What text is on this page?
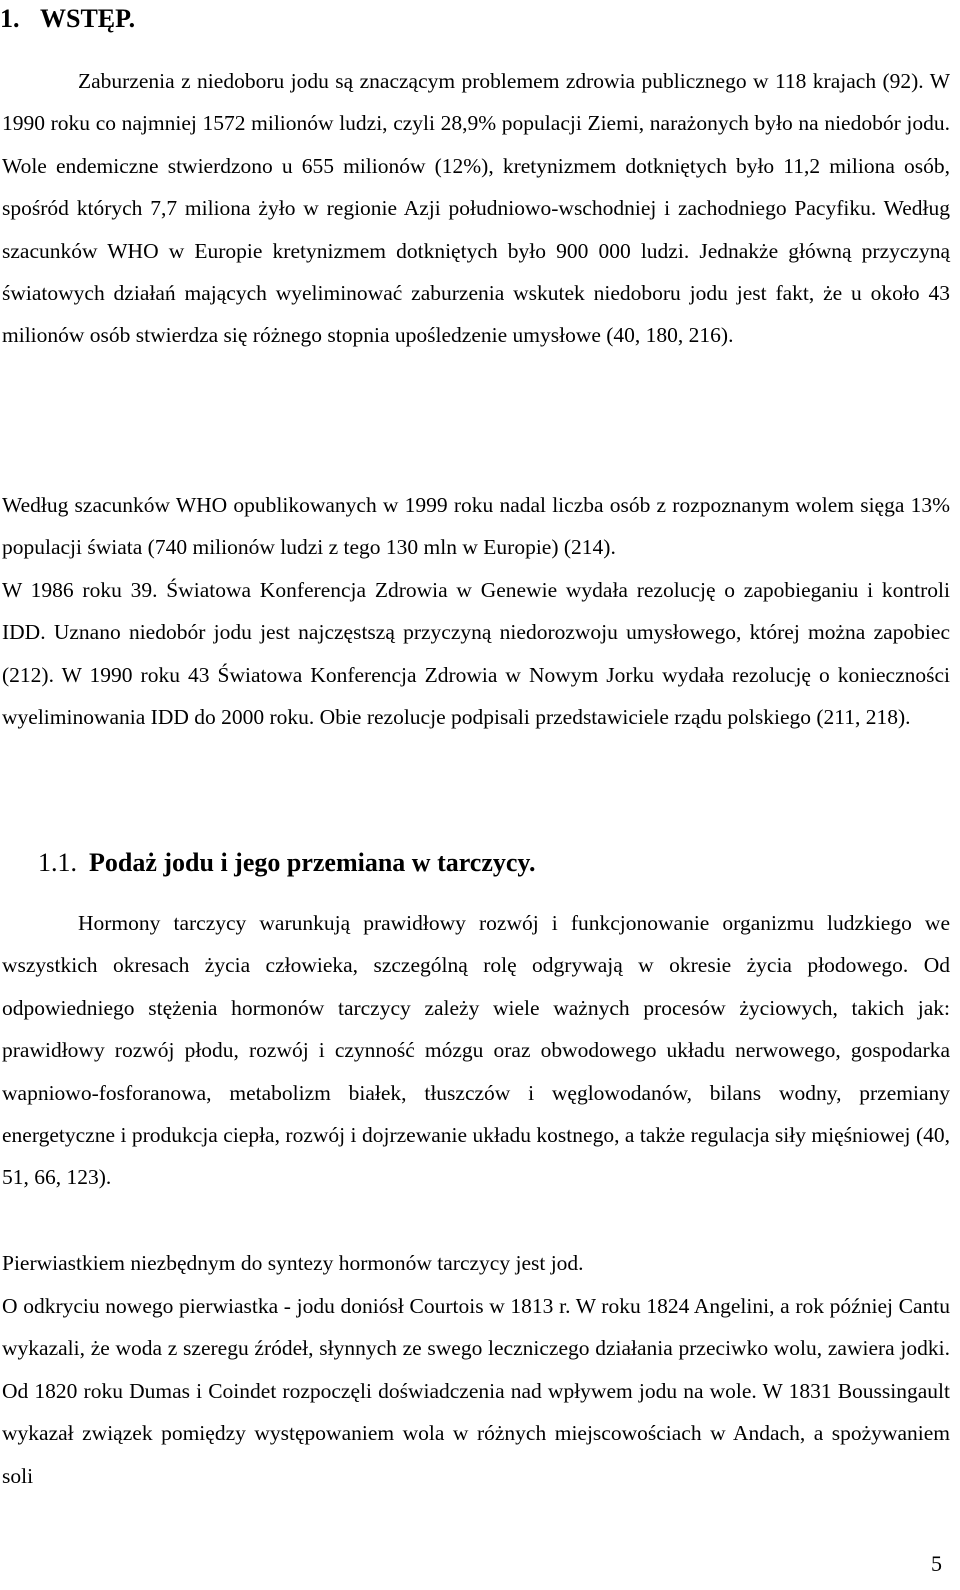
1. WSTĘP.

Zaburzenia z niedoboru jodu są znaczącym problemem zdrowia publicznego w 118 krajach (92). W 1990 roku co najmniej 1572 milionów ludzi, czyli 28,9% populacji Ziemi, narażonych było na niedobór jodu. Wole endemiczne stwierdzono u 655 milionów (12%), kretynizmem dotkniętych było 11,2 miliona osób, spośród których 7,7 miliona żyło w regionie Azji południowo-wschodniej i zachodniego Pacyfiku. Według szacunków WHO w Europie kretynizmem dotkniętych było 900 000 ludzi. Jednakże główną przyczyną światowych działań mających wyeliminować zaburzenia wskutek niedoboru jodu jest fakt, że u około 43 milionów osób stwierdza się różnego stopnia upośledzenie umysłowe (40, 180, 216).

Według szacunków WHO opublikowanych w 1999 roku nadal liczba osób z rozpoznanym wolem sięga 13% populacji świata (740 milionów ludzi z tego 130 mln w Europie) (214).

W 1986 roku 39. Światowa Konferencja Zdrowia w Genewie wydała rezolucję o zapobieganiu i kontroli IDD. Uznano niedobór jodu jest najczęstszą przyczyną niedorozwoju umysłowego, której można zapobiec (212). W 1990 roku 43 Światowa Konferencja Zdrowia w Nowym Jorku wydała rezolucję o konieczności wyeliminowania IDD do 2000 roku. Obie rezolucje podpisali przedstawiciele rządu polskiego (211, 218).

1.1. Podaż jodu i jego przemiana w tarczycy.

Hormony tarczycy warunkują prawidłowy rozwój i funkcjonowanie organizmu ludzkiego we wszystkich okresach życia człowieka, szczególną rolę odgrywają w okresie życia płodowego. Od odpowiedniego stężenia hormonów tarczycy zależy wiele ważnych procesów życiowych, takich jak: prawidłowy rozwój płodu, rozwój i czynność mózgu oraz obwodowego układu nerwowego, gospodarka wapniowo-fosforanowa, metabolizm białek, tłuszczów i węglowodanów, bilans wodny, przemiany energetyczne i produkcja ciepła, rozwój i dojrzewanie układu kostnego, a także regulacja siły mięśniowej (40, 51, 66, 123).

Pierwiastkiem niezbędnym do syntezy hormonów tarczycy jest jod.

O odkryciu nowego pierwiastka - jodu doniósł Courtois w 1813 r. W roku 1824 Angelini, a rok później Cantu wykazali, że woda z szeregu źródeł, słynnych ze swego leczniczego działania przeciwko wolu, zawiera jodki. Od 1820 roku Dumas i Coindet rozpoczęli doświadczenia nad wpływem jodu na wole. W 1831 Boussingault wykazał związek pomiędzy występowaniem wola w różnych miejscowościach w Andach, a spożywaniem soli

5
